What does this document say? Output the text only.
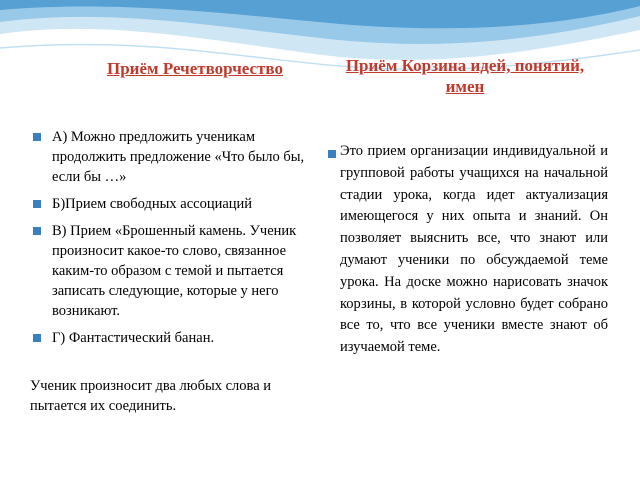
Приём Речетворчество	Приём Корзина идей, понятий, имен
А) Можно предложить ученикам продолжить предложение «Что было бы, если бы …»
Б)Прием свободных ассоциаций
В) Прием «Брошенный камень. Ученик произносит какое-то слово, связанное каким-то образом с темой и пытается записать следующие, которые у него возникают.
Г) Фантастический банан.

Ученик произносит два любых слова и пытается их соединить.

Это прием организации индивидуальной и групповой работы учащихся на начальной стадии урока, когда идет актуализация имеющегося у них опыта и знаний. Он позволяет выяснить все, что знают или думают ученики по обсуждаемой теме урока. На доске можно нарисовать значок корзины, в которой условно будет собрано все то, что все ученики вместе знают об изучаемой теме.
